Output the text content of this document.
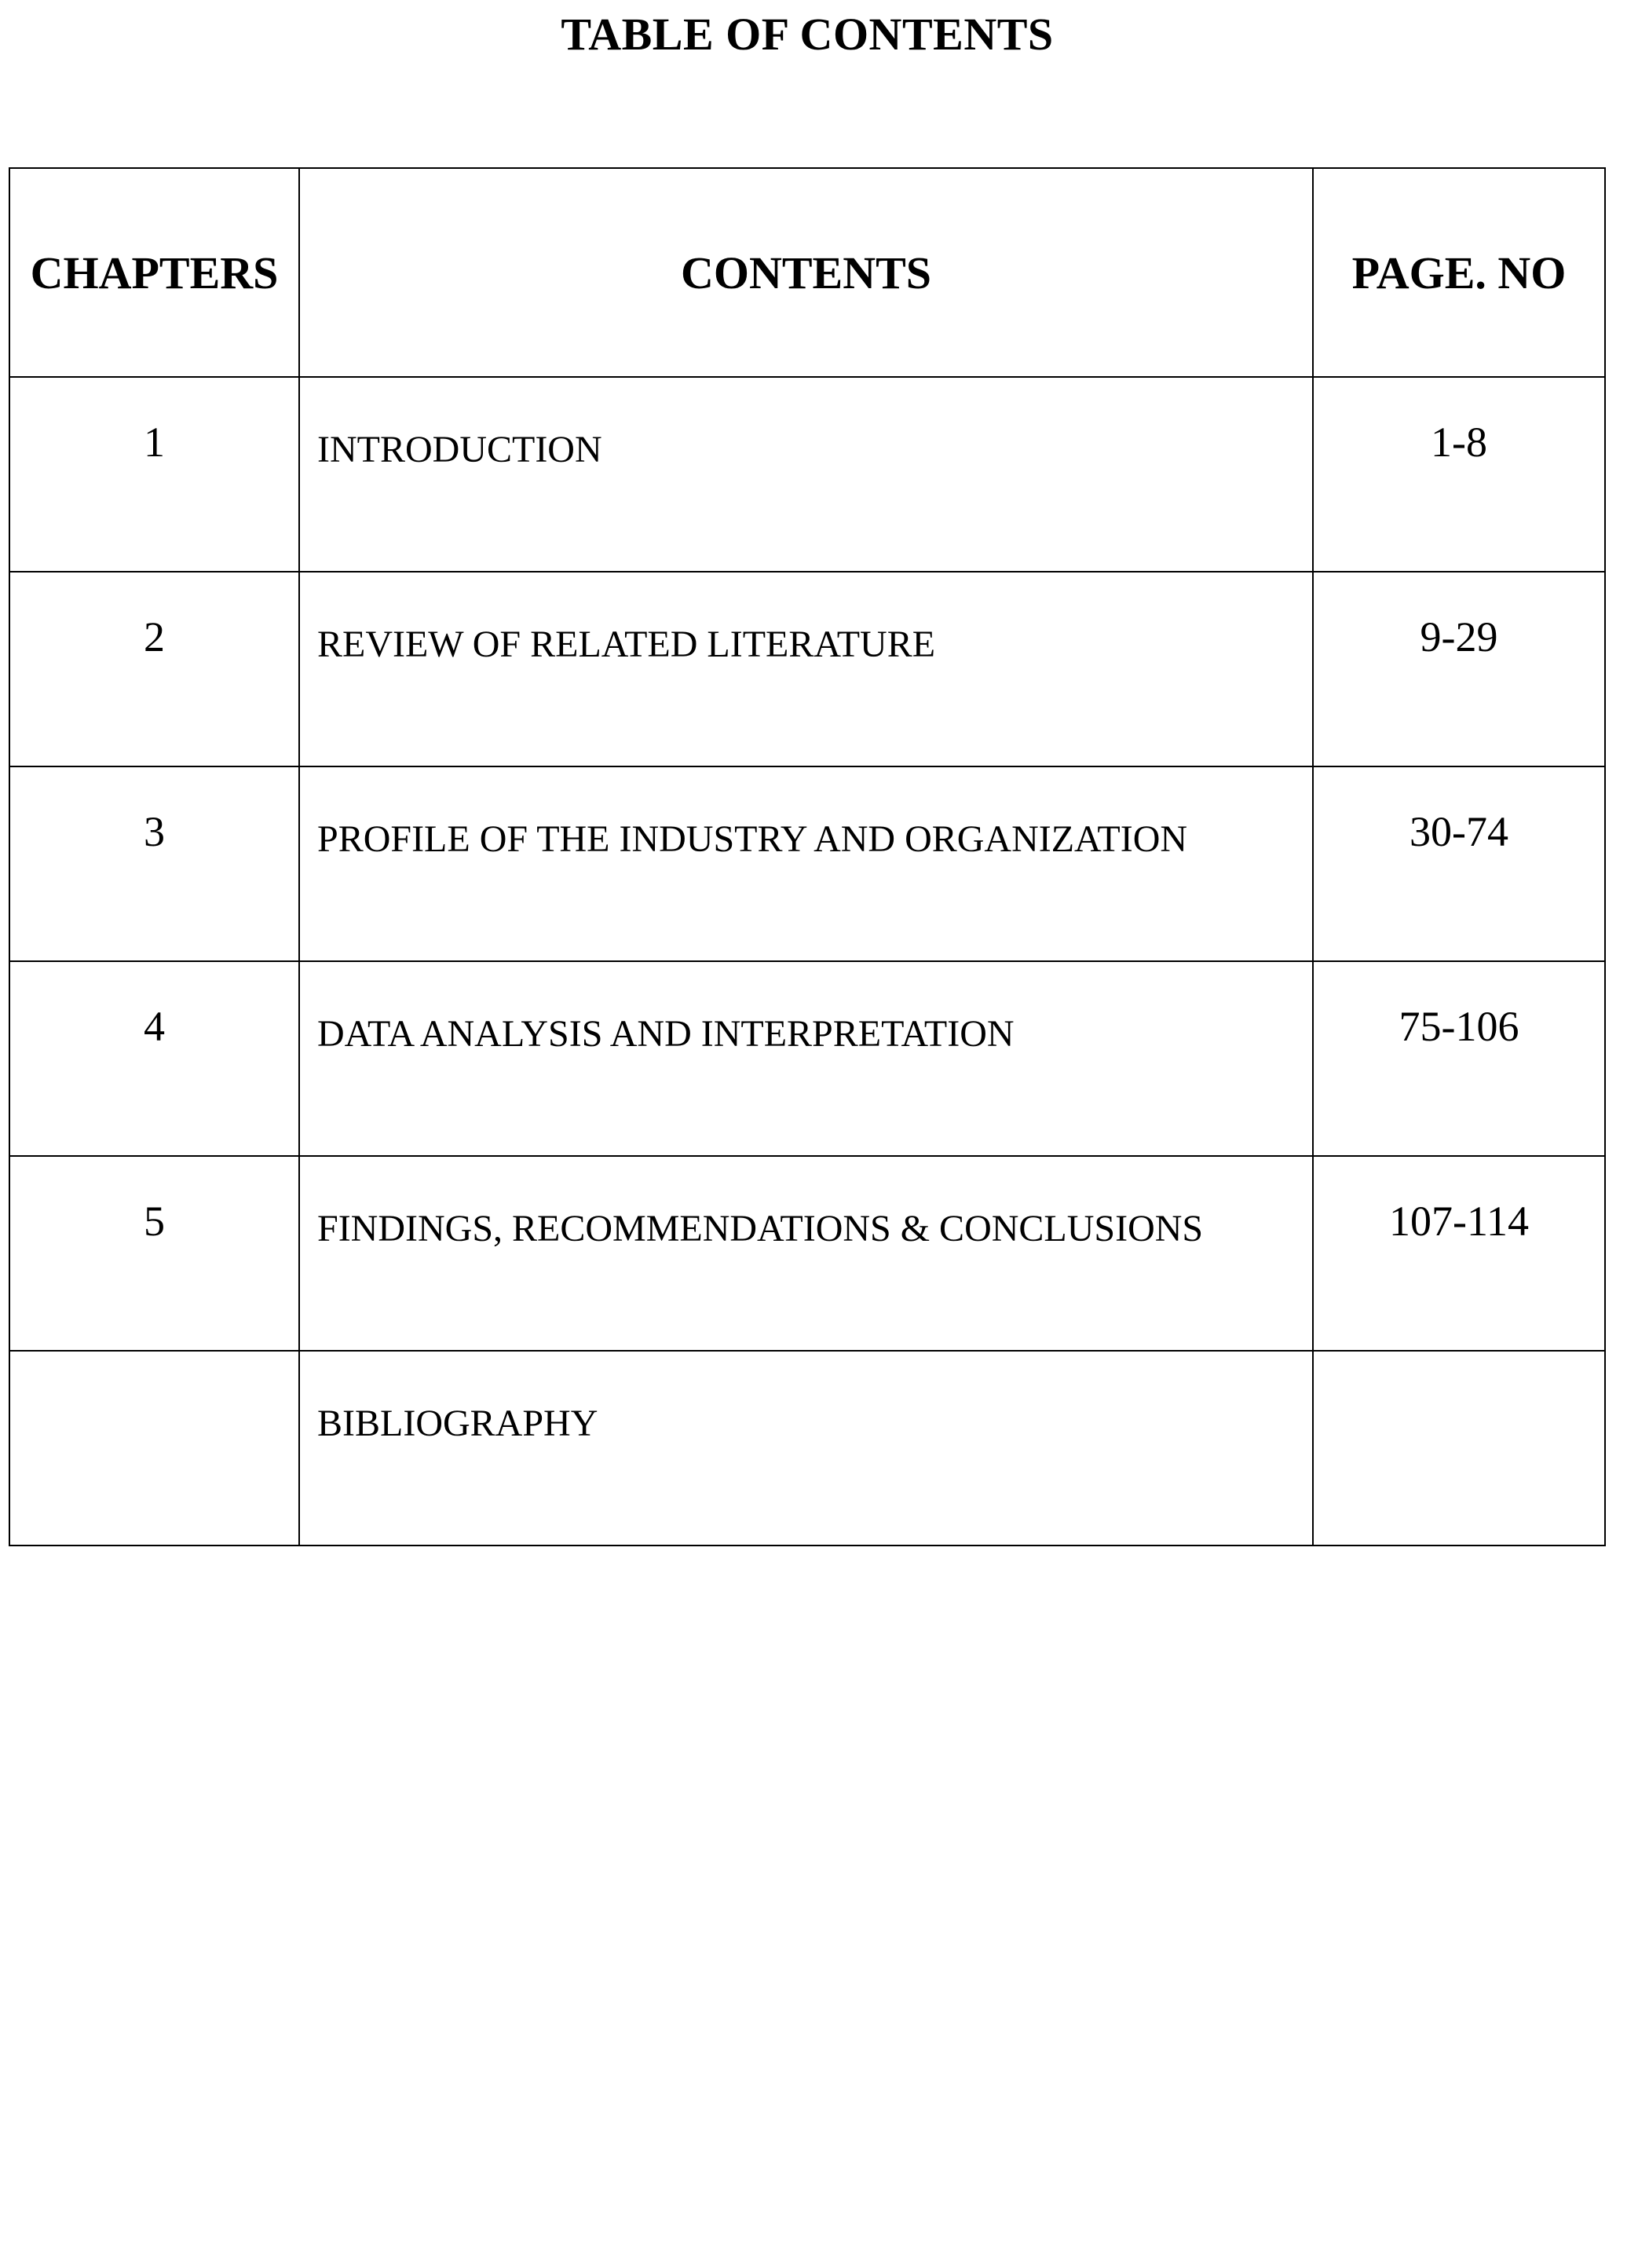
TABLE OF CONTENTS
CHAPTERS	CONTENTS	PAGE. NO
1	INTRODUCTION	1-8
2	REVIEW OF RELATED LITERATURE	9-29
3	PROFILE OF THE INDUSTRY AND ORGANIZATION	30-74
4	DATA ANALYSIS AND INTERPRETATION	75-106
5	FINDINGS, RECOMMENDATIONS & CONCLUSIONS	107-114
	BIBLIOGRAPHY	
